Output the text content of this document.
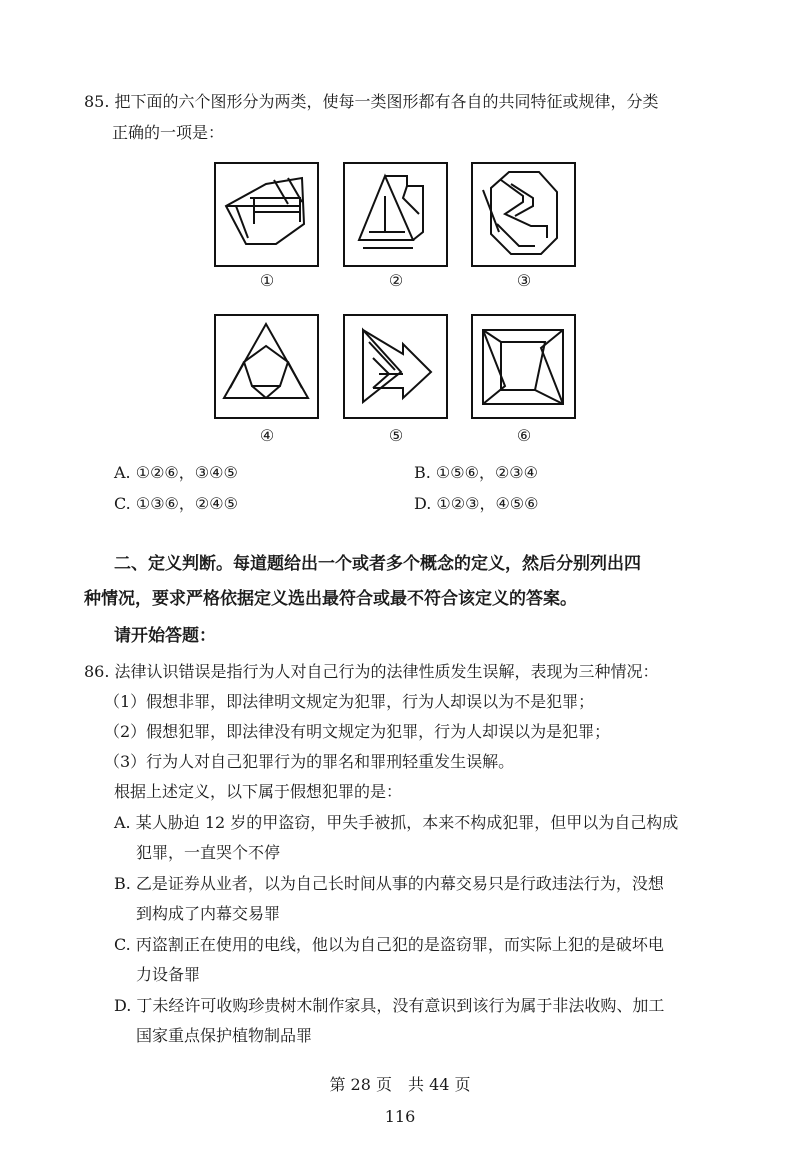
85. 把下面的六个图形分为两类，使每一类图形都有各自的共同特征或规律，分类
正确的一项是：
①	②	③
④	⑤	⑥
A. ①②⑥，③④⑤	B. ①⑤⑥，②③④
C. ①③⑥，②④⑤	D. ①②③，④⑤⑥
二、定义判断。每道题给出一个或者多个概念的定义，然后分别列出四
种情况，要求严格依据定义选出最符合或最不符合该定义的答案。
请开始答题：
86. 法律认识错误是指行为人对自己行为的法律性质发生误解，表现为三种情况：
（1）假想非罪，即法律明文规定为犯罪，行为人却误以为不是犯罪；
（2）假想犯罪，即法律没有明文规定为犯罪，行为人却误以为是犯罪；
（3）行为人对自己犯罪行为的罪名和罪刑轻重发生误解。
根据上述定义，以下属于假想犯罪的是：
A. 某人胁迫 12 岁的甲盗窃，甲失手被抓，本来不构成犯罪，但甲以为自己构成
犯罪，一直哭个不停
B. 乙是证券从业者，以为自己长时间从事的内幕交易只是行政违法行为，没想
到构成了内幕交易罪
C. 丙盗割正在使用的电线，他以为自己犯的是盗窃罪，而实际上犯的是破坏电
力设备罪
D. 丁未经许可收购珍贵树木制作家具，没有意识到该行为属于非法收购、加工
国家重点保护植物制品罪
第 28 页　共 44 页
116
